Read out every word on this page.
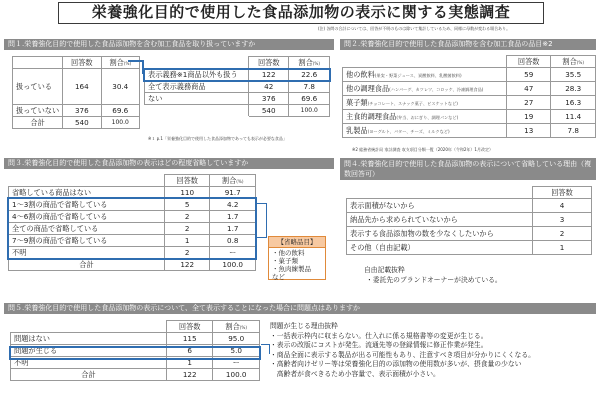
栄養強化目的で使用した食品添加物の表示に関する実態調査
(注) 各問の合計については、回答が不明のものは除いて集計しているため、同様に母数が変わる場合あり。
問１.栄養強化目的で使用した食品添加物を含む加工食品を取り扱っていますか
	回答数	割合(%)
扱っている	164	30.4
扱っていない	376	69.6
合計	540	100.0
	回答数	割合(%)
表示義務※1商品以外も扱う	122	22.6
全て表示義務商品	42	7.8
ない	376	69.6
	540	100.0
※１ p.1「栄養強化目的で使用した食品添加物であっても表示が必要な食品」
問２.栄養強化目的で使用した食品添加物を含む加工食品の品目※2
	回答数	割合(%)
他の飲料(果実・野菜ジュース、炭酸飲料、乳酸菌飲料)	59	35.5
他の調理食品(ハンバーグ、カツレツ、コロッケ、冷凍調理食品)	47	28.3
菓子類(チョコレート、スナック菓子、ビスケットなど)	27	16.3
主食的調理食品(弁当、おにぎり、調理パンなど)	19	11.4
乳製品(ヨーグルト、バター、チーズ、ミルクなど)	13	7.8
※2 総務省統計局 家計調査 収支項目分類一覧（2020年（令和2年）1月改定）
問３.栄養強化目的で使用した食品添加物の表示はどの程度省略していますか
	回答数	割合(%)
省略している商品はない	110	91.7
1〜3割の商品で省略している	5	4.2
4〜6割の商品で省略している	2	1.7
全ての商品で省略している	2	1.7
7〜9割の商品で省略している	1	0.8
不明	2	ー
合計	122	100.0
【省略品目】
・他の飲料
・菓子類
・魚肉練製品
など
問４.栄養強化目的で使用した食品添加物の表示について省略している理由（複数回答可）
	回答数
表示面積がないから	4
納品先から求められていないから	3
表示する食品添加物の数を少なくしたいから	2
その他（自由記載）	1
自由記載抜粋
・委託先のブランドオーナーが決めている。
問５.栄養強化目的で使用した食品添加物の表示について、全て表示することになった場合に問題点はありますか
	回答数	割合(%)
問題はない	115	95.0
問題が生じる	6	5.0
不明	1	ー
合計	122	100.0
問題が生じる理由抜粋
・一括表示枠内に収まらない。仕入れに係る規格書等の変更が生じる。
・表示の改版にコストが発生。流通先等の登録情報に修正作業が発生。
・商品全面に表示する製品が出る可能性もあり、注意すべき項目が分かりにくくなる。
・高齢者向けゼリー等は栄養強化目的の添加物の使用数が多いが、摂食量の少ない
　高齢者が食べきるため小容量で、表示面積が小さい。
